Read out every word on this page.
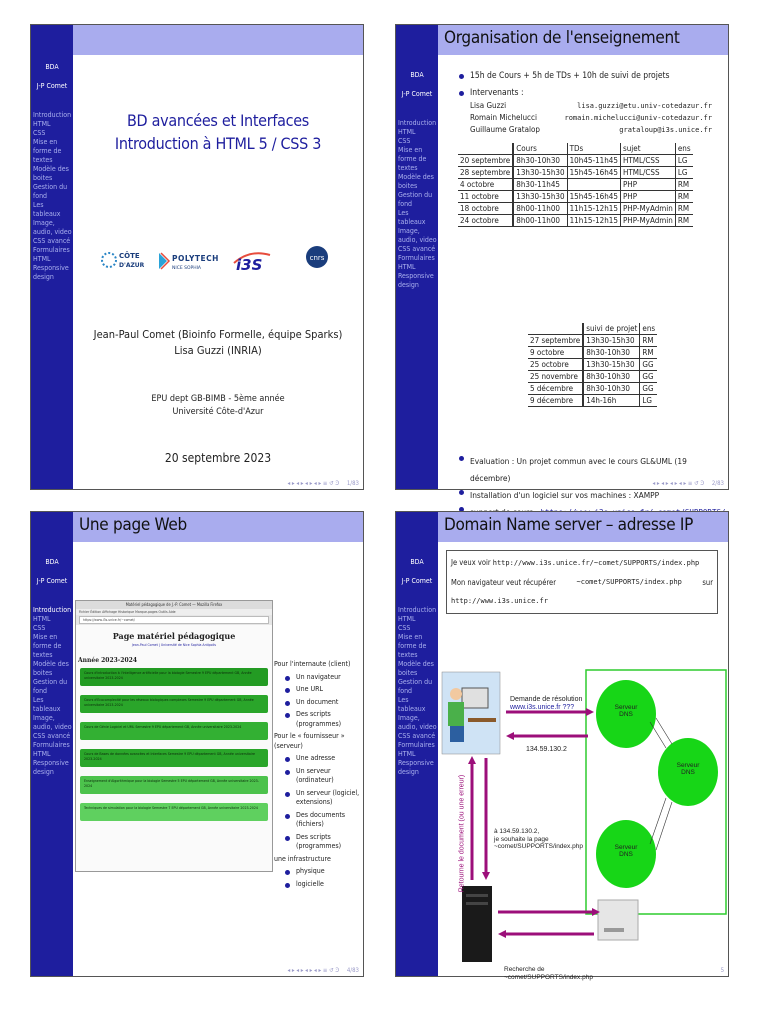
BDA
J-P Comet
Introduction
HTML
CSS
Mise en forme de textes
Modèle des boites
Gestion du fond
Les tableaux
Image, audio, video
CSS avancé
Formulaires HTML
Responsive design
BD avancées et Interfaces
Introduction à HTML 5 / CSS 3
CÔTE
D'AZUR
POLYTECH
NICE SOPHIA i3S	cnrs
Jean-Paul Comet (Bioinfo Formelle, équipe Sparks)
Lisa Guzzi (INRIA)
EPU dept GB-BIMB - 5ème année
Université Côte-d'Azur
20 septembre 2023
◂ ▸ ◂ ▸ ◂ ▸ ◂ ▸ ≡ ↺ Ͽ 1/83
Organisation de l'enseignement
BDA
J-P Comet
Introduction
HTML
CSS
Mise en forme de textes
Modèle des boites
Gestion du fond
Les tableaux
Image, audio, video
CSS avancé
Formulaires HTML
Responsive design
15h de Cours + 5h de TDs + 10h de suivi de projets
Intervenants :
Lisa Guzzi	lisa.guzzi@etu.univ-cotedazur.fr
Romain Michelucci	romain.michelucci@univ-cotedazur.fr
Guillaume Gratalop	grataloup@i3s.unice.fr
	Cours	TDs	sujet	ens
20 septembre	8h30-10h30	10h45-11h45	HTML/CSS	LG
28 septembre	13h30-15h30	15h45-16h45	HTML/CSS	LG
4 octobre	8h30-11h45		PHP	RM
11 octobre	13h30-15h30	15h45-16h45	PHP	RM
18 octobre	8h00-11h00	11h15-12h15	PHP-MyAdmin	RM
24 octobre	8h00-11h00	11h15-12h15	PHP-MyAdmin	RM
	suivi de projet	ens
27 septembre	13h30-15h30	RM
9 octobre	8h30-10h30	RM
25 octobre	13h30-15h30	GG
25 novembre	8h30-10h30	GG
5 décembre	8h30-10h30	GG
9 décembre	14h-16h	LG
Evaluation : Un projet commun avec le cours GL&UML (19 décembre)
Installation d'un logiciel sur vos machines : XAMPP
◂ ▸ ◂ ▸ ◂ ▸ ◂ ▸ ≡ ↺ Ͽ 2/83
Une page Web
BDA
J-P Comet
Introduction
HTML
CSS
Mise en forme de textes
Modèle des boites
Gestion du fond
Les tableaux
Image, audio, video
CSS avancé
Formulaires HTML
Responsive design
Matériel pédagogique de J.-P. Comet — Mozilla Firefox
Fichier Édition Affichage Historique Marque-pages Outils Aide
https://www.i3s.unice.fr/~comet/
Page matériel pédagogique
Jean-Paul Comet | Université de Nice Sophia Antipolis
Année 2023-2024
Cours d'introduction à l'intelligence artificielle pour la biologie Semestre 9 EPU département GB, Année universitaire 2023-2024
Cours d'Ecocomplexité pour les réseaux biologiques complexes Semestre 9 EPU département GB, Année universitaire 2023-2024
Cours de Génie Logiciel et UML Semestre 9 EPU département GB, Année universitaire 2023-2024
Cours de Bases de données avancées et Interfaces Semestre 9 EPU département GB, Année universitaire 2023-2024
Enseignement d'Algorithmique pour la biologie Semestre 5 EPU département GB, Année universitaire 2023-2024
Techniques de simulation pour la biologie Semestre 7 EPU département GB, Année universitaire 2023-2024
Pour l'internaute (client)
Un navigateur
Une URL
Un document
Des scripts (programmes)
Pour le « fournisseur » (serveur)
Une adresse
Un serveur (ordinateur)
Un serveur (logiciel, extensions)
Des documents (fichiers)
Des scripts (programmes)
une infrastructure
physique
logicielle
◂ ▸ ◂ ▸ ◂ ▸ ◂ ▸ ≡ ↺ Ͽ 4/83
Domain Name server – adresse IP
BDA
J-P Comet
Introduction
HTML
CSS
Mise en forme de textes
Modèle des boites
Gestion du fond
Les tableaux
Image, audio, video
CSS avancé
Formulaires HTML
Responsive design
Je veux voir http://www.i3s.unice.fr/~comet/SUPPORTS/index.php
Mon navigateur veut récupérer	~comet/SUPPORTS/index.php	sur
http://www.i3s.unice.fr
Demande de résolution
www.i3s.unice.fr ???
134.59.130.2
Serveur DNS
Serveur DNS
Serveur DNS
à 134.59.130.2,
je souhaite la page
~comet/SUPPORTS/index.php
Retourne le document (ou une erreur)
Recherche de
~comet/SUPPORTS/index.php
5
